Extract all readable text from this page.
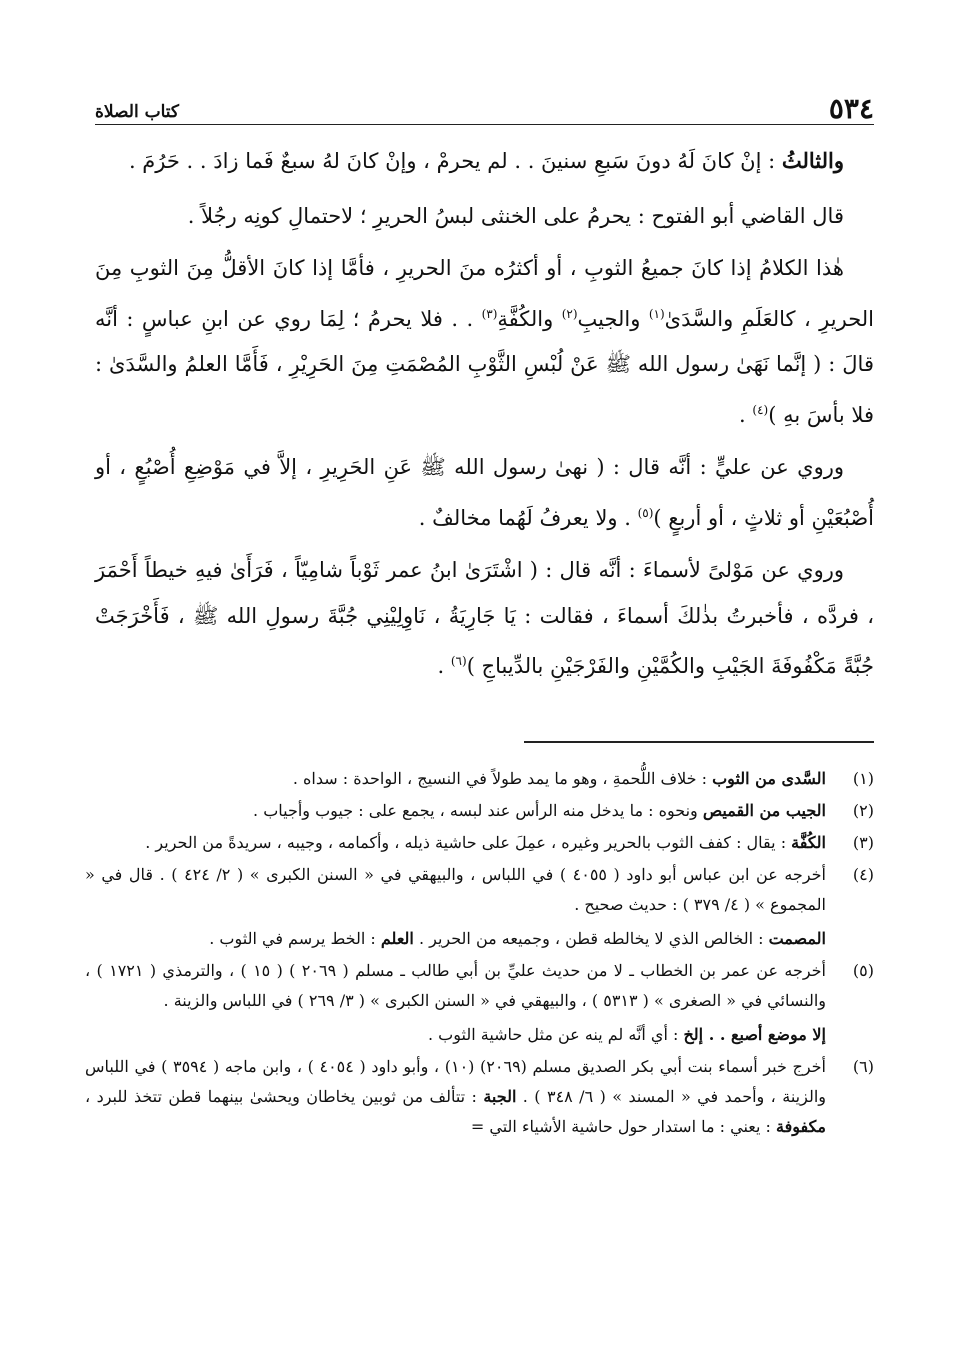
٥٣٤
كتاب الصلاة

والثالثُ : إنْ كانَ لَهُ دونَ سَبعِ سنينَ . . لم يحرمْ ، وإنْ كانَ لهُ سبعٌ فَما زادَ . . حَرُمَ .

قال القاضي أبو الفتوح : يحرمُ على الخنثى لبسُ الحريرِ ؛ لاحتمالِ كونِه رجُلاً .

هٰذا الكلامُ إذا كانَ جميعُ الثوبِ ، أو أكثرُه منَ الحريرِ ، فأمَّا إذا كانَ الأقلُّ مِنَ الثوبِ مِنَ الحريرِ ، كالعَلَمِ والسَّدَىٰ$^{(١)}$ والجيبِ$^{(٢)}$ والكُفَّةِ$^{(٣)}$ . . فلا يحرمُ ؛ لِمَا روي عن ابنِ عباسٍ : أنَّه قالَ : ( إنَّما نَهَىٰ رسول الله ﷺ عَنْ لُبْسِ الثَّوْبِ المُصْمَتِ مِنَ الحَرِيْرِ ، فَأَمَّا العلمُ والسَّدَىٰ : فلا بأسَ بهِ )$^{(٤)}$ .

وروي عن عليٍّ : أنَّه قال : ( نهىٰ رسول الله ﷺ عَنِ الحَرِيرِ ، إلاَّ في مَوْضِعِ أُصْبُعٍ ، أو أُصْبُعَيْنِ أو ثلاثٍ ، أو أربعٍ )$^{(٥)}$ . ولا يعرفُ لَهُما مخالفٌ .

وروي عن مَوْلىً لأسماءَ : أنَّه قال : ( اشْتَرَىٰ ابنُ عمر ثَوْباً شامِيّاً ، فَرَأَىٰ فيهِ خيطاً أَحْمَرَ ، فردَّه ، فأخبرتُ بذٰلكَ أسماءَ ، فقالت : يَا جَارِيَةُ ، نَاوِلِيْنِي جُبَّةَ رسولِ الله ﷺ ، فَأَخْرَجَتْ جُبَّةً مَكْفُوفَةَ الجَيْبِ والكُمَّيْنِ والفَرْجَيْنِ بالدِّيباجِ )$^{(٦)}$ .

(١)
السَّدى من الثوب : خلاف اللُّحمةِ ، وهو ما يمد طولاً في النسيج ، الواحدة : سداه .
(٢)
الجيب من القميص ونحوه : ما يدخل منه الرأس عند لبسه ، يجمع على : جيوب وأجياب .
(٣)
الكُفَّة : يقال : كفف الثوب بالحرير وغيره ، عمِلَ على حاشية ذيله ، وأكمامه ، وجيبه ، سريدةً من الحرير .
(٤)
أخرجه عن ابن عباس أبو داود ( ٤٠٥٥ ) في اللباس ، والبيهقي في « السنن الكبرى » ( ٢/ ٤٢٤ ) . قال في « المجموع » ( ٤/ ٣٧٩ ) : حديث صحيح .
المصمت : الخالص الذي لا يخالطه قطن ، وجميعه من الحرير . العلم : الخط يرسم في الثوب .
(٥)
أخرجه عن عمر بن الخطاب ـ لا من حديث عليِّ بن أبي طالب ـ مسلم ( ٢٠٦٩ ) ( ١٥ ) ، والترمذي ( ١٧٢١ ) ، والنسائي في « الصغرى » ( ٥٣١٣ ) ، والبيهقي في « السنن الكبرى » ( ٣/ ٢٦٩ ) في اللباس والزينة .
إلا موضع أصبع . . إلخ : أي أنَّه لم ينه عن مثل حاشية الثوب .
(٦)
أخرج خبر أسماء بنت أبي بكر الصديق مسلم (٢٠٦٩) (١٠) ، وأبو داود ( ٤٠٥٤ ) ، وابن ماجه ( ٣٥٩٤ ) في اللباس والزينة ، وأحمد في « المسند » ( ٦/ ٣٤٨ ) . الجبة : تتألف من ثوبين يخاطان ويحشىٰ بينهما قطن تتخذ للبرد ، مكفوفة : يعني : ما استدار حول حاشية الأشياء التي =
